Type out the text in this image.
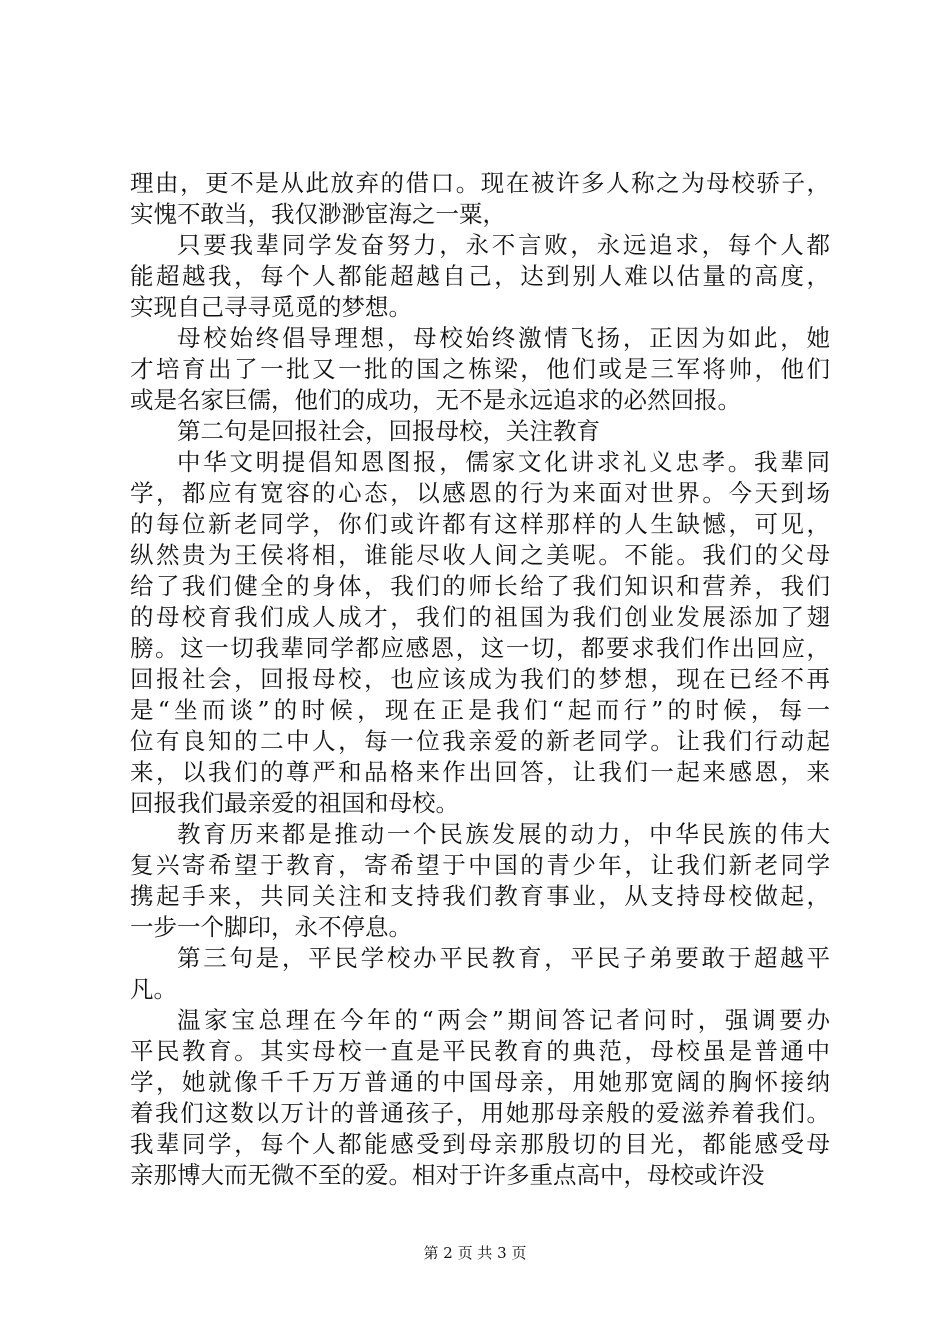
理由，更不是从此放弃的借口。现在被许多人称之为母校骄子，
实愧不敢当，我仅渺渺宦海之一粟，
只要我辈同学发奋努力，永不言败，永远追求，每个人都
能超越我，每个人都能超越自己，达到别人难以估量的高度，
实现自己寻寻觅觅的梦想。
母校始终倡导理想，母校始终激情飞扬，正因为如此，她
才培育出了一批又一批的国之栋梁，他们或是三军将帅，他们
或是名家巨儒，他们的成功，无不是永远追求的必然回报。
第二句是回报社会，回报母校，关注教育
中华文明提倡知恩图报，儒家文化讲求礼义忠孝。我辈同
学，都应有宽容的心态，以感恩的行为来面对世界。今天到场
的每位新老同学，你们或许都有这样那样的人生缺憾，可见，
纵然贵为王侯将相，谁能尽收人间之美呢。不能。我们的父母
给了我们健全的身体，我们的师长给了我们知识和营养，我们
的母校育我们成人成才，我们的祖国为我们创业发展添加了翅
膀。这一切我辈同学都应感恩，这一切，都要求我们作出回应，
回报社会，回报母校，也应该成为我们的梦想，现在已经不再
是“坐而谈”的时候，现在正是我们“起而行”的时候，每一
位有良知的二中人，每一位我亲爱的新老同学。让我们行动起
来，以我们的尊严和品格来作出回答，让我们一起来感恩，来
回报我们最亲爱的祖国和母校。
教育历来都是推动一个民族发展的动力，中华民族的伟大
复兴寄希望于教育，寄希望于中国的青少年，让我们新老同学
携起手来，共同关注和支持我们教育事业，从支持母校做起，
一步一个脚印，永不停息。
第三句是，平民学校办平民教育，平民子弟要敢于超越平
凡。
温家宝总理在今年的“两会”期间答记者问时，强调要办
平民教育。其实母校一直是平民教育的典范，母校虽是普通中
学，她就像千千万万普通的中国母亲，用她那宽阔的胸怀接纳
着我们这数以万计的普通孩子，用她那母亲般的爱滋养着我们。
我辈同学，每个人都能感受到母亲那殷切的目光，都能感受母
亲那博大而无微不至的爱。相对于许多重点高中，母校或许没
第 2 页 共 3 页
